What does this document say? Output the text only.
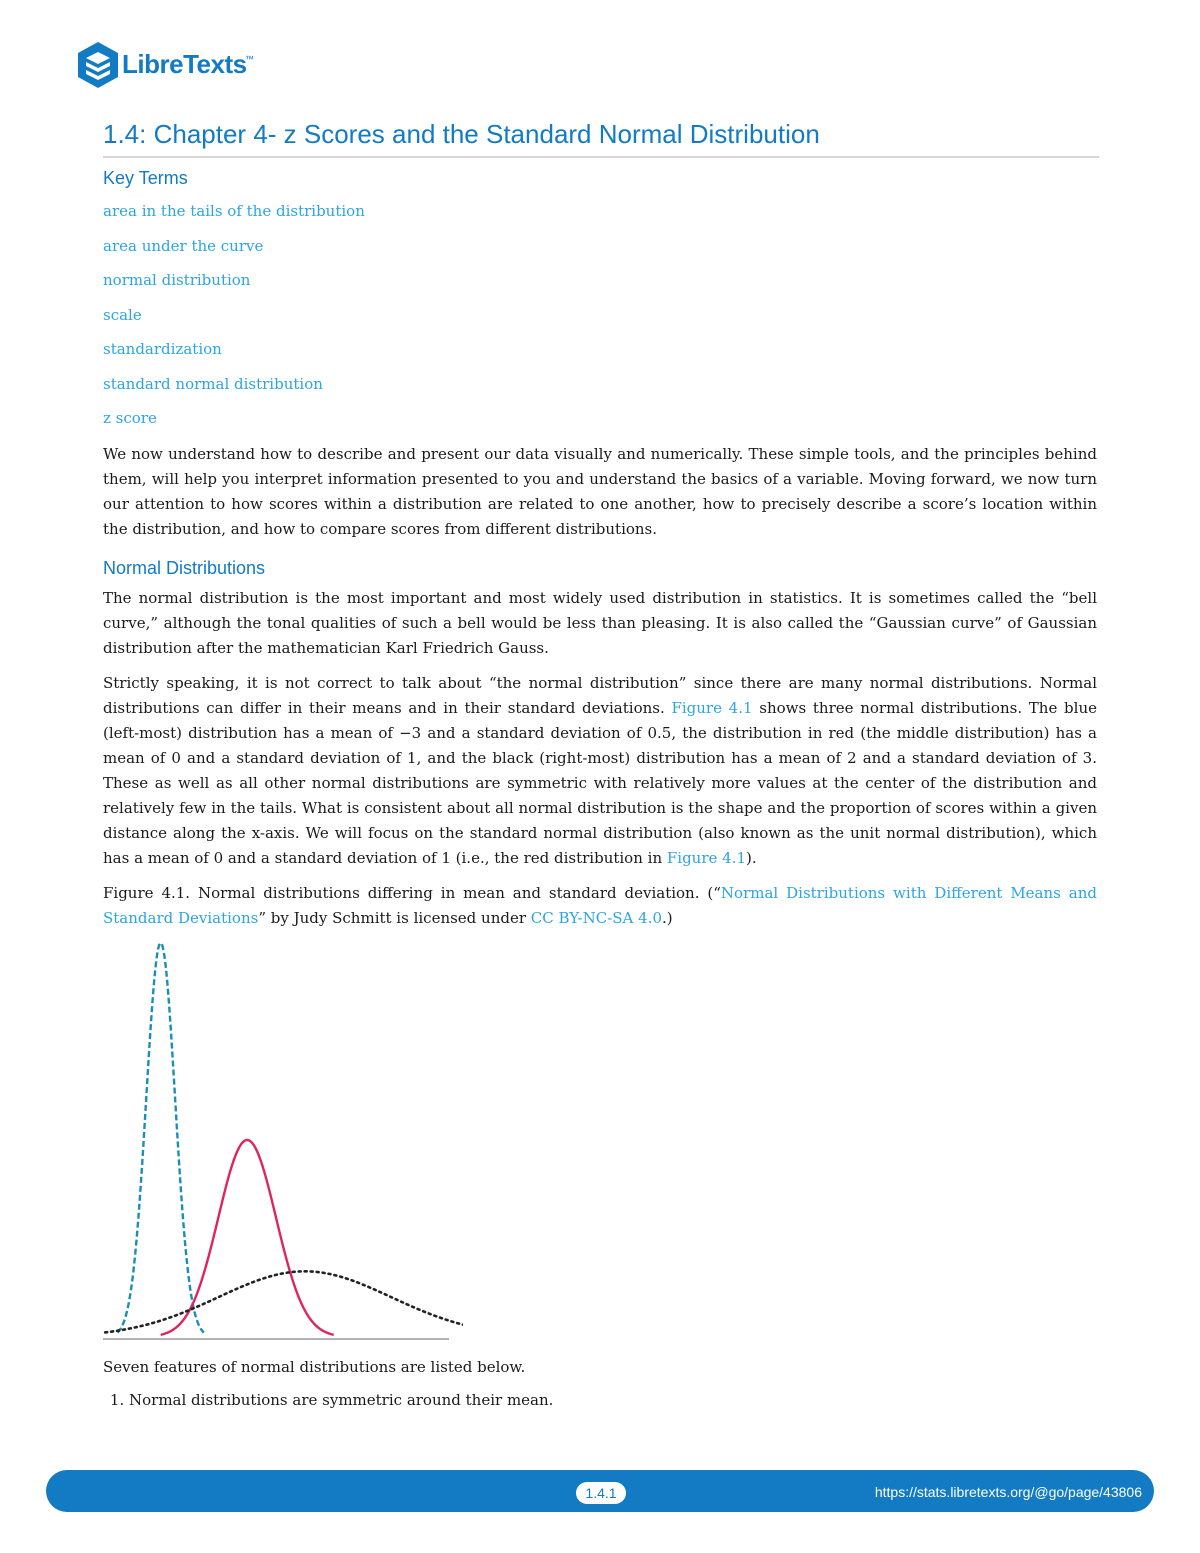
LibreTexts
™
1.4: Chapter 4- z Scores and the Standard Normal Distribution
Key Terms
area in the tails of the distribution
area under the curve
normal distribution
scale
standardization
standard normal distribution
z score

We now understand how to describe and present our data visually and numerically. These simple tools, and the principles behind them, will help you interpret information presented to you and understand the basics of a variable. Moving forward, we now turn our attention to how scores within a distribution are related to one another, how to precisely describe a score’s location within the distribution, and how to compare scores from different distributions.

Normal Distributions

The normal distribution is the most important and most widely used distribution in statistics. It is sometimes called the “bell curve,” although the tonal qualities of such a bell would be less than pleasing. It is also called the “Gaussian curve” of Gaussian distribution after the mathematician Karl Friedrich Gauss.

Strictly speaking, it is not correct to talk about “the normal distribution” since there are many normal distributions. Normal distributions can differ in their means and in their standard deviations. Figure 4.1 shows three normal distributions. The blue (left-most) distribution has a mean of −3 and a standard deviation of 0.5, the distribution in red (the middle distribution) has a mean of 0 and a standard deviation of 1, and the black (right-most) distribution has a mean of 2 and a standard deviation of 3. These as well as all other normal distributions are symmetric with relatively more values at the center of the distribution and relatively few in the tails. What is consistent about all normal distribution is the shape and the proportion of scores within a given distance along the x-axis. We will focus on the standard normal distribution (also known as the unit normal distribution), which has a mean of 0 and a standard deviation of 1 (i.e., the red distribution in Figure 4.1).

Figure 4.1. Normal distributions differing in mean and standard deviation. (“Normal Distributions with Different Means and Standard Deviations” by Judy Schmitt is licensed under CC BY-NC-SA 4.0.)

Seven features of normal distributions are listed below.

1. Normal distributions are symmetric around their mean.
1.4.1	https://stats.libretexts.org/@go/page/43806
